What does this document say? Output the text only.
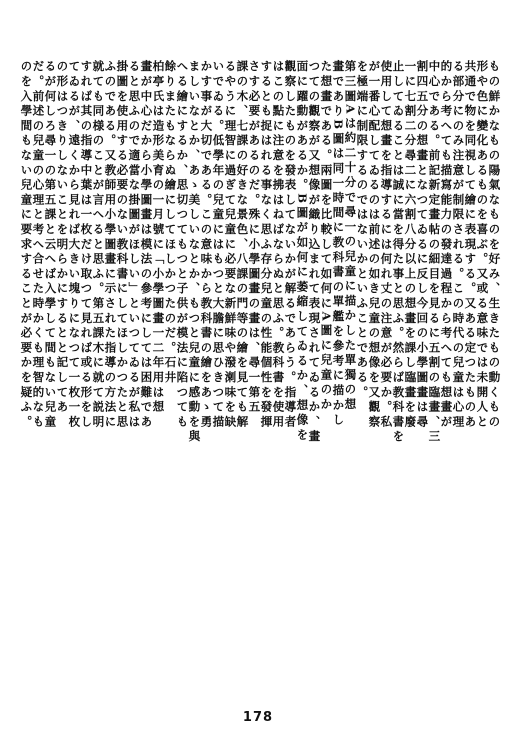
もの鮮かなもの陽氣なものを好み、生きたもの動くもの
形や色に變化あるものを喜ぶ。又或る意味では未開人と
共通で物を同視して繪に表現する。又ある定つたものあ
る部分にのみ注意が制限される。この時代の兒童は心理
的から考へても描寫能力の發達過程から考へても想畫が
中心である。前記新定畫帖の細目を見るに五割の臨畫、三
割四五分の想畫となつてゐるに反し今回の小學圖畫は尋
一に七割二分尋二に六割八分以上の想畫を課し臨畫を廢
止してゐることは誠に當を得た事と思ふ。然らば教科書を
使用して想畫を指導するには何れ丈の注意が必要か。私
が一番心配してゐるのは前述の如き兒童の想像を又觀察
を極端に制限するのではないかといふことである。
第三圖Aは約二十分で尋一の兒童に描かした單獨の想
畫でありB圖は同一時間に教科書の單艦を參考に描かし
た想畫である。兩圖を比較して如何にA圖に兒童のか
つての觀察が又想像が織り込まれて表現されてゐるか、畫
面に躍動があるか。B圖が如何に萎縮してゐるか、想像を
觀察したものを發表してないかが解るであらう。指導者
はこの點に注意を拂はねばならぬと思ふ。教科書を使用
するとも捉はれる事なく思ふ存分兒童の性能個性を發揮
さす必要があるのだ。殊に小學圖畫の畫は、尋一第五
課の木、七課の好きな景色、八課の門等の繪を見ても解
るやうに理智に過ぎて兒童に必要な新鮮味や潑溂味を缺
いでゐる。低學年の兒童にはもつと大膽に思ひきつて描
かす事が大切である。この意味から教科書の繪をあゝ勇
ましいなとか、あゝ美しいなとか、もつと兒童に感動を與
へる繪にするか、思切つてもつと子供が模法に陷つても
餘りまたもならぬ繪にしてほしかつたのだ。石井
柏亭氏は造形美育の一月號に「小學圖畫一二年用は想
畫が中心だから小學圖畫は模法の參考にしては困難であ
ると思ふので適當な掛圖がほしい」といつてゐるが私は
掛圖を使用する必要のない教科書にしてほしかつたと思
ふのである。又教師用小學圖畫に示された指導の方法に
就ても同様のことが言へると思ふ。第五課木に就て説明
すれば其の指導中葉は一枚だけ取つて見れば或る形をし
てゐるが、遠くから見れば大きい塊りになつて一枚一枚
の形はつきりしないことを明らかにするとと記してあ
るが何しろ尋一の第五課と云へば入學して間もない兒童
だ。前述の兒童の心理と考へ合せた時かくも理智的なも
のを入學間もない兒童に要求することが必要かを疑ふ。
178
